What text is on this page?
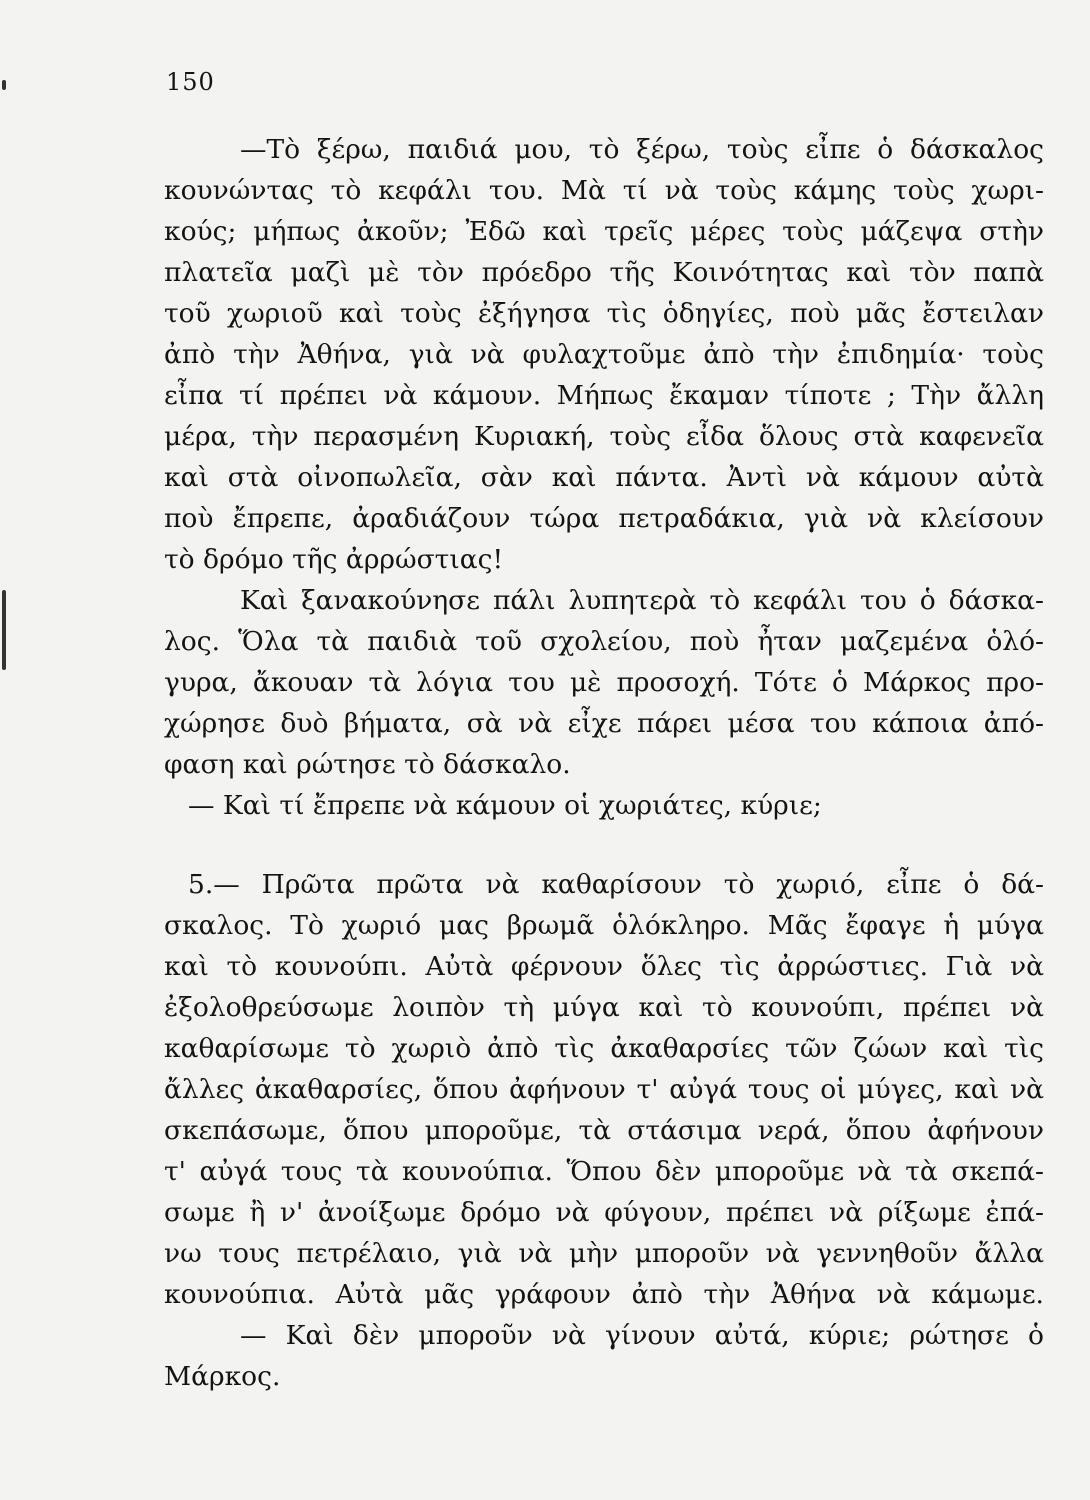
150
—Τὸ ξέρω, παιδιά μου, τὸ ξέρω, τοὺς εἶπε ὁ δάσκαλος
κουνώντας τὸ κεφάλι του. Μὰ τί νὰ τοὺς κάμης τοὺς χωρι-
κούς; μήπως ἀκοῦν; Ἐδῶ καὶ τρεῖς μέρες τοὺς μάζεψα στὴν
πλατεῖα μαζὶ μὲ τὸν πρόεδρο τῆς Κοινότητας καὶ τὸν παπὰ
τοῦ χωριοῦ καὶ τοὺς ἐξήγησα τὶς ὁδηγίες, ποὺ μᾶς ἔστειλαν
ἀπὸ τὴν Ἀθήνα, γιὰ νὰ φυλαχτοῦμε ἀπὸ τὴν ἐπιδημία· τοὺς
εἶπα τί πρέπει νὰ κάμουν. Μήπως ἔκαμαν τίποτε ; Τὴν ἄλλη
μέρα, τὴν περασμένη Κυριακή, τοὺς εἶδα ὅλους στὰ καφενεῖα
καὶ στὰ οἰνοπωλεῖα, σὰν καὶ πάντα. Ἀντὶ νὰ κάμουν αὐτὰ
ποὺ ἔπρεπε, ἀραδιάζουν τώρα πετραδάκια, γιὰ νὰ κλείσουν
τὸ δρόμο τῆς ἀρρώστιας!
Καὶ ξανακούνησε πάλι λυπητερὰ τὸ κεφάλι του ὁ δάσκα-
λος. Ὅλα τὰ παιδιὰ τοῦ σχολείου, ποὺ ἦταν μαζεμένα ὁλό-
γυρα, ἄκουαν τὰ λόγια του μὲ προσοχή. Τότε ὁ Μάρκος προ-
χώρησε δυὸ βήματα, σὰ νὰ εἶχε πάρει μέσα του κάποια ἀπό-
φαση καὶ ρώτησε τὸ δάσκαλο.
— Καὶ τί ἔπρεπε νὰ κάμουν οἱ χωριάτες, κύριε;
5.— Πρῶτα πρῶτα νὰ καθαρίσουν τὸ χωριό, εἶπε ὁ δά-
σκαλος. Τὸ χωριό μας βρωμᾶ ὁλόκληρο. Μᾶς ἔφαγε ἡ μύγα
καὶ τὸ κουνούπι. Αὐτὰ φέρνουν ὅλες τὶς ἀρρώστιες. Γιὰ νὰ
ἐξολοθρεύσωμε λοιπὸν τὴ μύγα καὶ τὸ κουνούπι, πρέπει νὰ
καθαρίσωμε τὸ χωριὸ ἀπὸ τὶς ἀκαθαρσίες τῶν ζώων καὶ τὶς
ἄλλες ἀκαθαρσίες, ὅπου ἀφήνουν τ' αὐγά τους οἱ μύγες, καὶ νὰ
σκεπάσωμε, ὅπου μποροῦμε, τὰ στάσιμα νερά, ὅπου ἀφήνουν
τ' αὐγά τους τὰ κουνούπια. Ὅπου δὲν μποροῦμε νὰ τὰ σκεπά-
σωμε ἢ ν' ἀνοίξωμε δρόμο νὰ φύγουν, πρέπει νὰ ρίξωμε ἐπά-
νω τους πετρέλαιο, γιὰ νὰ μὴν μποροῦν νὰ γεννηθοῦν ἄλλα
κουνούπια. Αὐτὰ μᾶς γράφουν ἀπὸ τὴν Ἀθήνα νὰ κάμωμε.
— Καὶ δὲν μποροῦν νὰ γίνουν αὐτά, κύριε; ρώτησε ὁ
Μάρκος.
